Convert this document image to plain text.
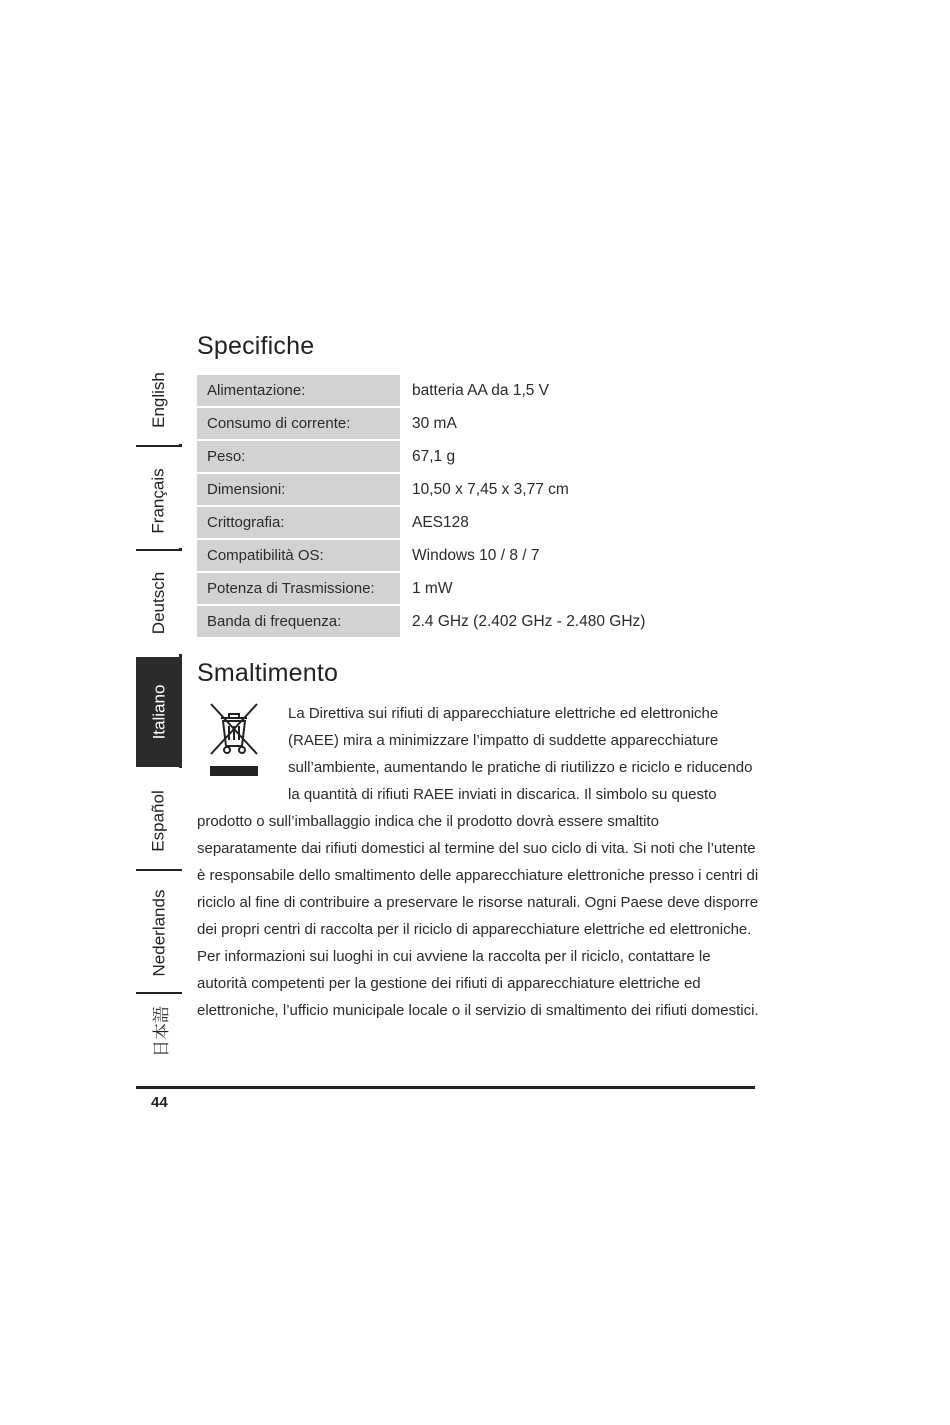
English
Français
Deutsch
Italiano
Español
Nederlands
日本語
Specifiche
Alimentazione:	batteria AA da 1,5 V
Consumo di corrente:	30 mA
Peso:	67,1 g
Dimensioni:	10,50 x 7,45 x 3,77 cm
Crittografia:	AES128
Compatibilità OS:	Windows 10 / 8 / 7
Potenza di Trasmissione:	1 mW
Banda di frequenza:	2.4 GHz (2.402 GHz - 2.480 GHz)
Smaltimento

La Direttiva sui rifiuti di apparecchiature elettriche ed elettroniche (RAEE) mira a minimizzare l’impatto di suddette apparecchiature sull’ambiente, aumentando le pratiche di riutilizzo e riciclo e riducendo la quantità di rifiuti RAEE inviati in discarica. Il simbolo su questo prodotto o sull’imballaggio indica che il prodotto dovrà essere smaltito separatamente dai rifiuti domestici al termine del suo ciclo di vita. Si noti che l’utente è responsabile dello smaltimento delle apparecchiature elettroniche presso i centri di riciclo al fine di contribuire a preservare le risorse naturali. Ogni Paese deve disporre dei propri centri di raccolta per il riciclo di apparecchiature elettriche ed elettroniche. Per informazioni sui luoghi in cui avviene la raccolta per il riciclo, contattare le autorità competenti per la gestione dei rifiuti di apparecchiature elettriche ed elettroniche, l’ufficio municipale locale o il servizio di smaltimento dei rifiuti domestici.

44
